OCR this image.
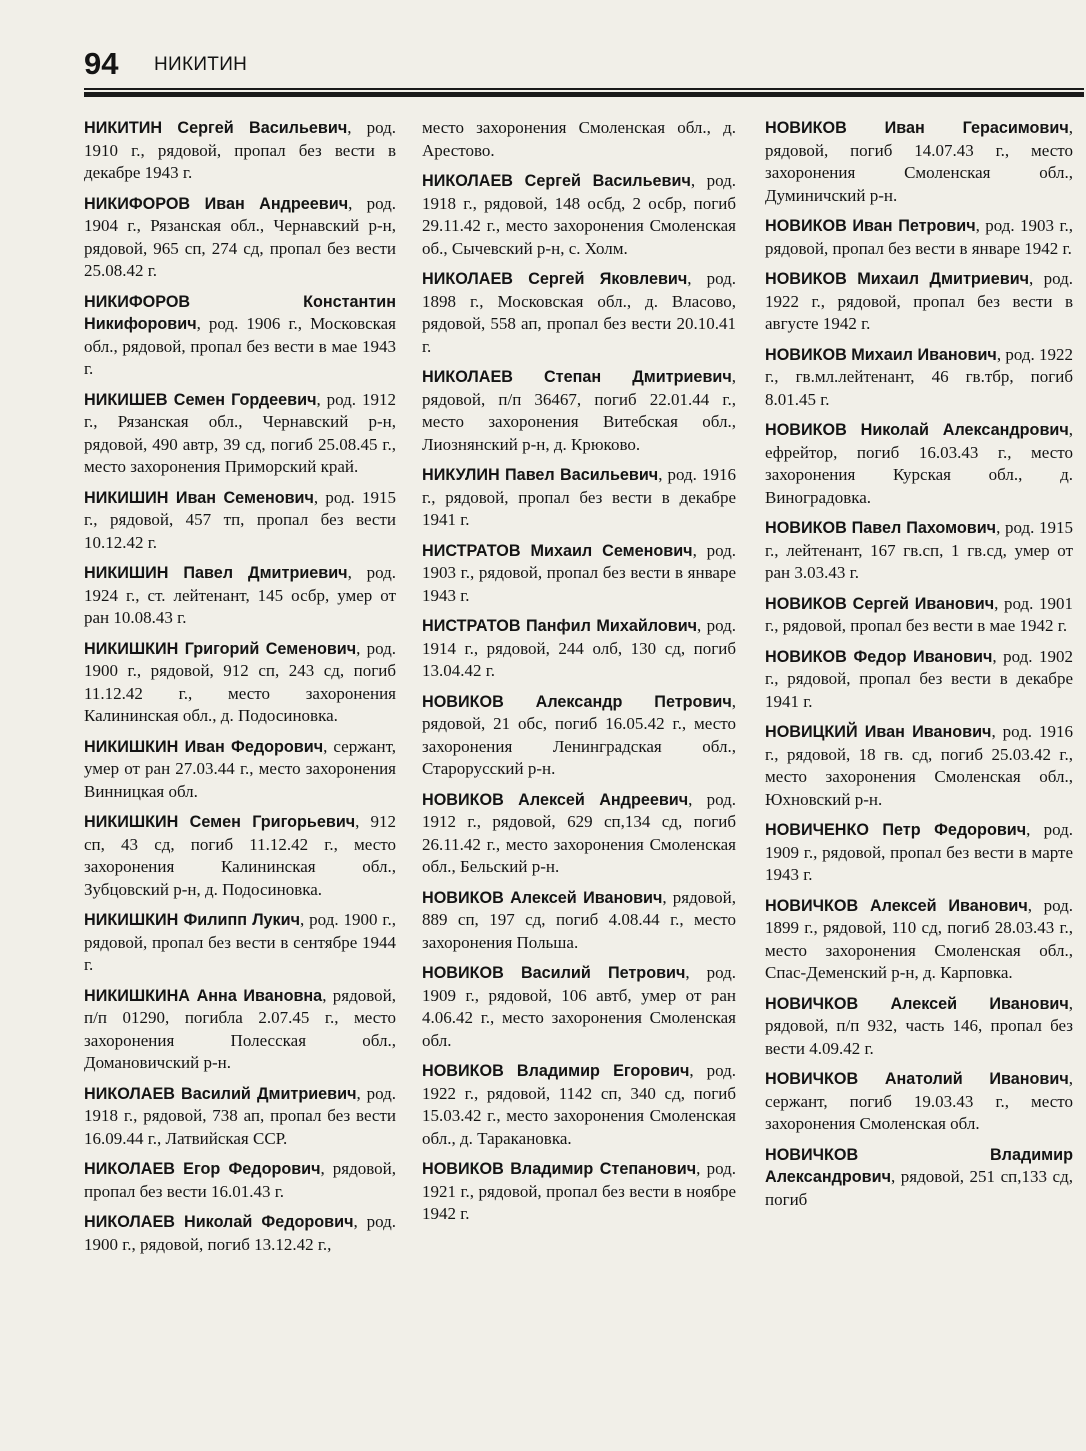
94 НИКИТИН

НИКИТИН Сергей Васильевич, род. 1910 г., рядовой, пропал без вести в декабре 1943 г.

НИКИФОРОВ Иван Андреевич, род. 1904 г., Рязанская обл., Чернавский р-н, рядовой, 965 сп, 274 сд, пропал без вести 25.08.42 г.

НИКИФОРОВ Константин Никифорович, род. 1906 г., Московская обл., рядовой, пропал без вести в мае 1943 г.

НИКИШЕВ Семен Гордеевич, род. 1912 г., Рязанская обл., Чернавский р-н, рядовой, 490 автр, 39 сд, погиб 25.08.45 г., место захоронения Приморский край.

НИКИШИН Иван Семенович, род. 1915 г., рядовой, 457 тп, пропал без вести 10.12.42 г.

НИКИШИН Павел Дмитриевич, род. 1924 г., ст. лейтенант, 145 осбр, умер от ран 10.08.43 г.

НИКИШКИН Григорий Семенович, род. 1900 г., рядовой, 912 сп, 243 сд, погиб 11.12.42 г., место захоронения Калининская обл., д. Подосиновка.

НИКИШКИН Иван Федорович, сержант, умер от ран 27.03.44 г., место захоронения Винницкая обл.

НИКИШКИН Семен Григорьевич, 912 сп, 43 сд, погиб 11.12.42 г., место захоронения Калининская обл., Зубцовский р-н, д. Подосиновка.

НИКИШКИН Филипп Лукич, род. 1900 г., рядовой, пропал без вести в сентябре 1944 г.

НИКИШКИНА Анна Ивановна, рядовой, п/п 01290, погибла 2.07.45 г., место захоронения Полесская обл., Домановичский р-н.

НИКОЛАЕВ Василий Дмитриевич, род. 1918 г., рядовой, 738 ап, пропал без вести 16.09.44 г., Латвийская ССР.

НИКОЛАЕВ Егор Федорович, рядовой, пропал без вести 16.01.43 г.

НИКОЛАЕВ Николай Федорович, род. 1900 г., рядовой, погиб 13.12.42 г.,

место захоронения Смоленская обл., д. Арестово.

НИКОЛАЕВ Сергей Васильевич, род. 1918 г., рядовой, 148 осбд, 2 осбр, погиб 29.11.42 г., место захоронения Смоленская об., Сычевский р-н, с. Холм.

НИКОЛАЕВ Сергей Яковлевич, род. 1898 г., Московская обл., д. Власово, рядовой, 558 ап, пропал без вести 20.10.41 г.

НИКОЛАЕВ Степан Дмитриевич, рядовой, п/п 36467, погиб 22.01.44 г., место захоронения Витебская обл., Лиознянский р-н, д. Крюково.

НИКУЛИН Павел Васильевич, род. 1916 г., рядовой, пропал без вести в декабре 1941 г.

НИСТРАТОВ Михаил Семенович, род. 1903 г., рядовой, пропал без вести в январе 1943 г.

НИСТРАТОВ Панфил Михайлович, род. 1914 г., рядовой, 244 олб, 130 сд, погиб 13.04.42 г.

НОВИКОВ Александр Петрович, рядовой, 21 обс, погиб 16.05.42 г., место захоронения Ленинградская обл., Старорусский р-н.

НОВИКОВ Алексей Андреевич, род. 1912 г., рядовой, 629 сп,134 сд, погиб 26.11.42 г., место захоронения Смоленская обл., Бельский р-н.

НОВИКОВ Алексей Иванович, рядовой, 889 сп, 197 сд, погиб 4.08.44 г., место захоронения Польша.

НОВИКОВ Василий Петрович, род. 1909 г., рядовой, 106 автб, умер от ран 4.06.42 г., место захоронения Смоленская обл.

НОВИКОВ Владимир Егорович, род. 1922 г., рядовой, 1142 сп, 340 сд, погиб 15.03.42 г., место захоронения Смоленская обл., д. Таракановка.

НОВИКОВ Владимир Степанович, род. 1921 г., рядовой, пропал без вести в ноябре 1942 г.

НОВИКОВ Иван Герасимович, рядовой, погиб 14.07.43 г., место захоронения Смоленская обл., Думиничский р-н.

НОВИКОВ Иван Петрович, род. 1903 г., рядовой, пропал без вести в январе 1942 г.

НОВИКОВ Михаил Дмитриевич, род. 1922 г., рядовой, пропал без вести в августе 1942 г.

НОВИКОВ Михаил Иванович, род. 1922 г., гв.мл.лейтенант, 46 гв.тбр, погиб 8.01.45 г.

НОВИКОВ Николай Александрович, ефрейтор, погиб 16.03.43 г., место захоронения Курская обл., д. Виноградовка.

НОВИКОВ Павел Пахомович, род. 1915 г., лейтенант, 167 гв.сп, 1 гв.сд, умер от ран 3.03.43 г.

НОВИКОВ Сергей Иванович, род. 1901 г., рядовой, пропал без вести в мае 1942 г.

НОВИКОВ Федор Иванович, род. 1902 г., рядовой, пропал без вести в декабре 1941 г.

НОВИЦКИЙ Иван Иванович, род. 1916 г., рядовой, 18 гв. сд, погиб 25.03.42 г., место захоронения Смоленская обл., Юхновский р-н.

НОВИЧЕНКО Петр Федорович, род. 1909 г., рядовой, пропал без вести в марте 1943 г.

НОВИЧКОВ Алексей Иванович, род. 1899 г., рядовой, 110 сд, погиб 28.03.43 г., место захоронения Смоленская обл., Спас-Деменский р-н, д. Карповка.

НОВИЧКОВ Алексей Иванович, рядовой, п/п 932, часть 146, пропал без вести 4.09.42 г.

НОВИЧКОВ Анатолий Иванович, сержант, погиб 19.03.43 г., место захоронения Смоленская обл.

НОВИЧКОВ Владимир Александрович, рядовой, 251 сп,133 сд, погиб
